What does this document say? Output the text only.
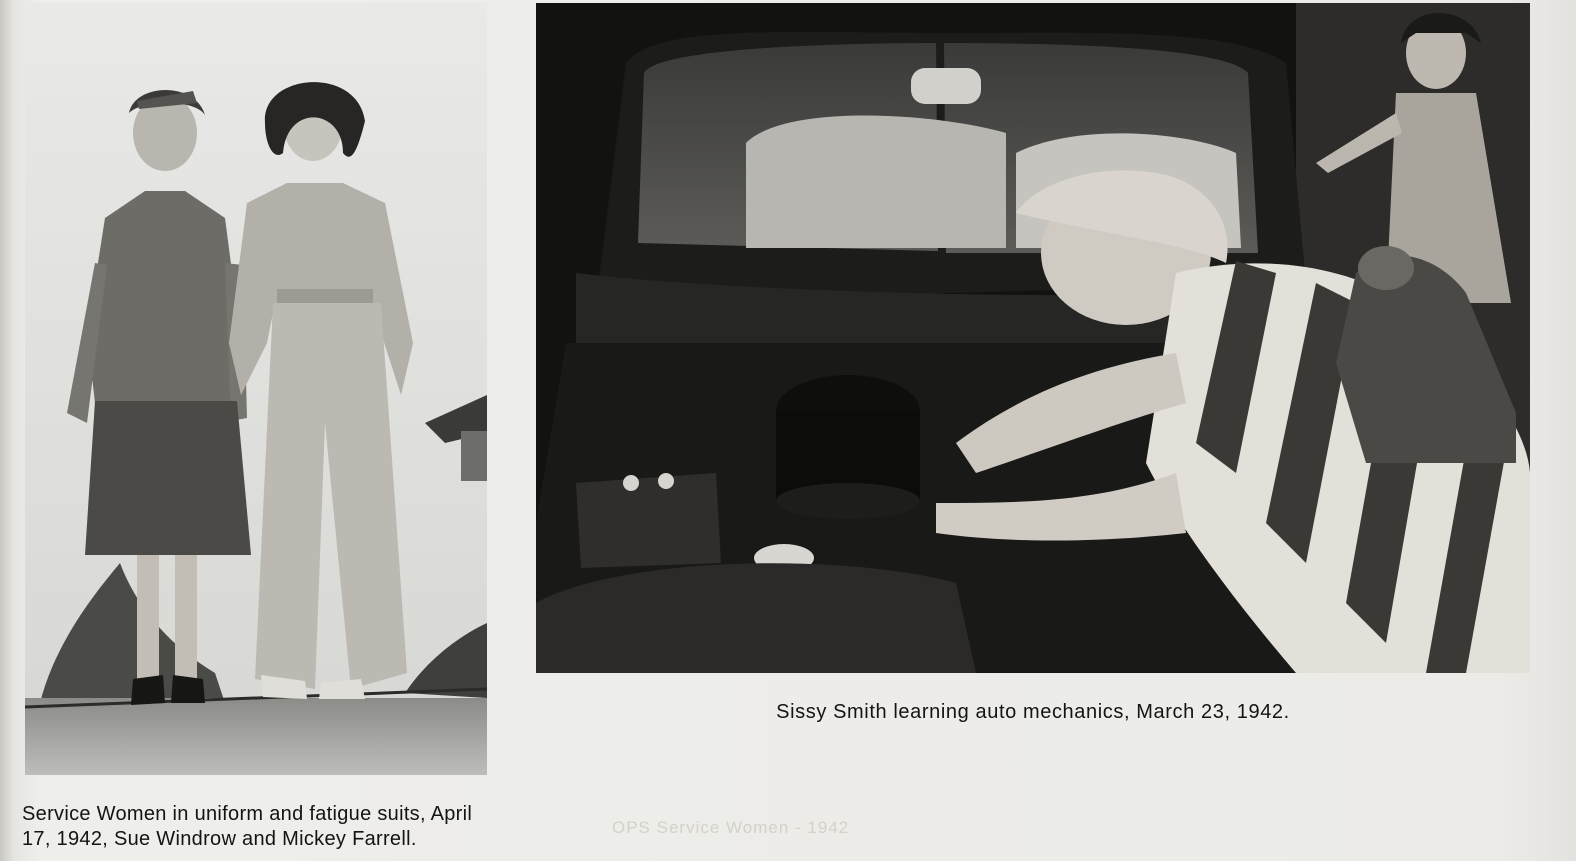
Sissy Smith learning auto mechanics, March 23, 1942.
Service Women in uniform and fatigue suits, April 17, 1942, Sue Windrow and Mickey Farrell.
OPS Service Women - 1942
